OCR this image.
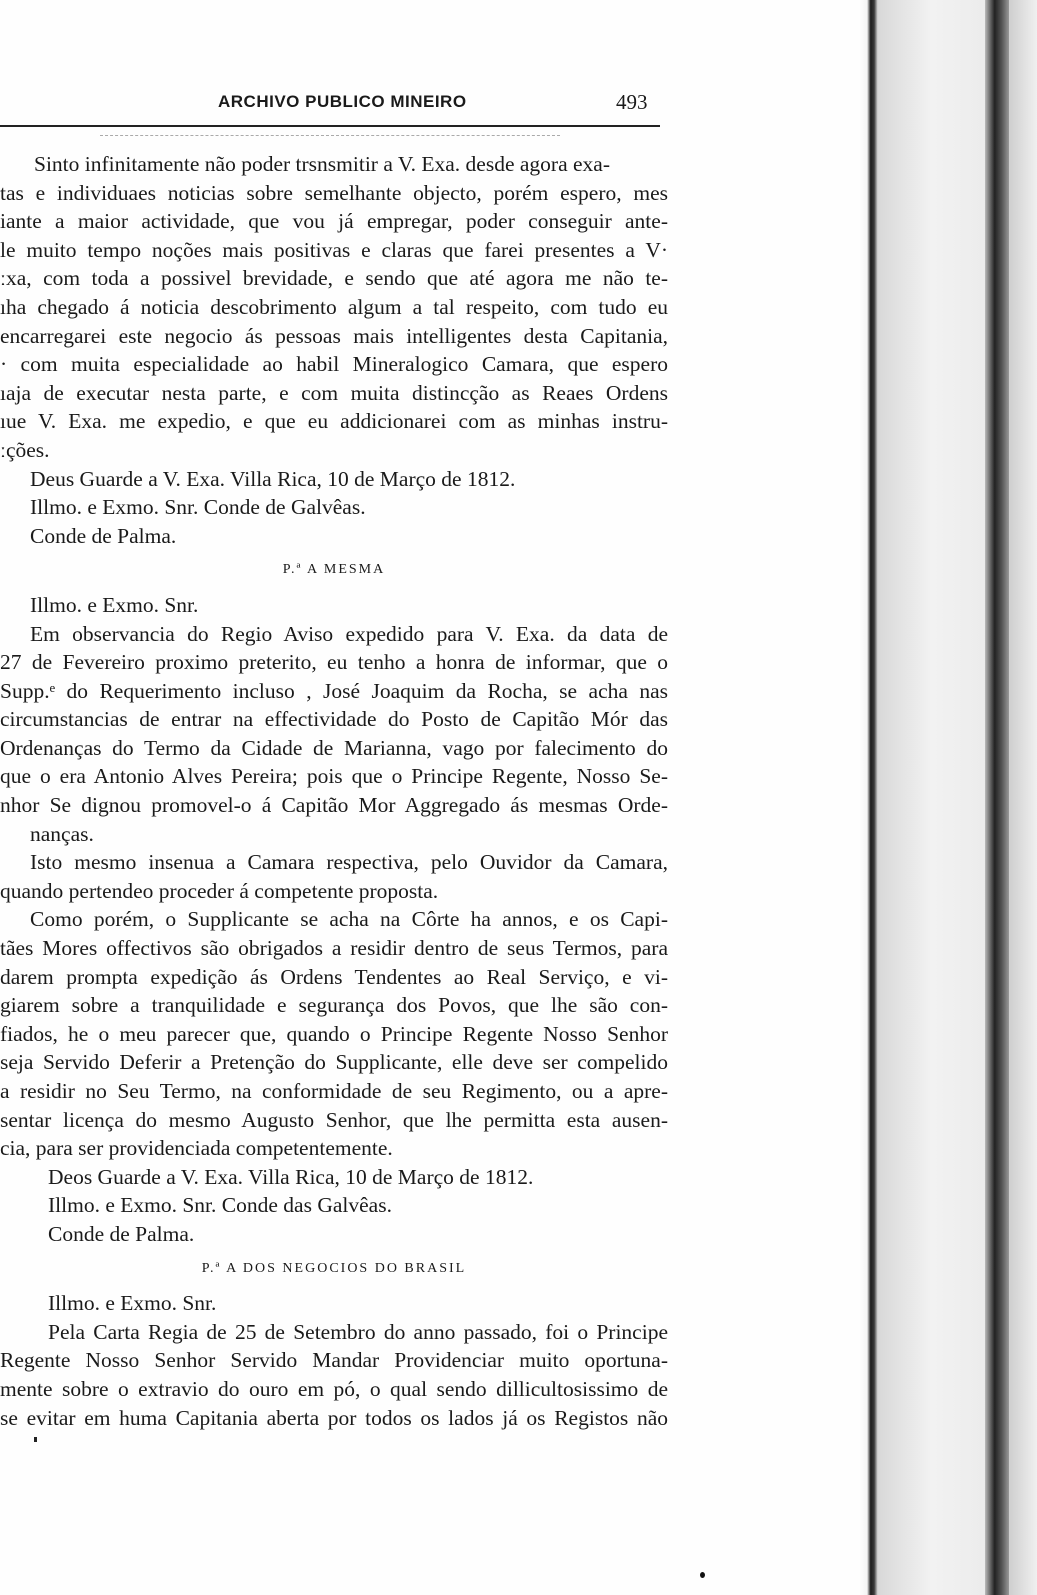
ARCHIVO PUBLICO MINEIRO	493
Sinto infinitamente não poder trsnsmitir a V. Exa. desde agora exa-
tas e individuaes noticias sobre semelhante objecto, porém espero, mes
iante a maior actividade, que vou já empregar, poder conseguir ante-
le muito tempo noções mais positivas e claras que farei presentes a V·
ːxa, com toda a possivel brevidade, e sendo que até agora me não te-
ıha chegado á noticia descobrimento algum a tal respeito, com tudo eu
encarregarei este negocio ás pessoas mais intelligentes desta Capitania,
· com muita especialidade ao habil Mineralogico Camara, que espero
ıaja de executar nesta parte, e com muita distincção as Reaes Ordens
ıue V. Exa. me expedio, e que eu addicionarei com as minhas instru-
ːções.
Deus Guarde a V. Exa. Villa Rica, 10 de Março de 1812.
Illmo. e Exmo. Snr. Conde de Galvêas.
Conde de Palma.
P.ª A MESMA
Illmo. e Exmo. Snr.
Em observancia do Regio Aviso expedido para V. Exa. da data de
27 de Fevereiro proximo preterito, eu tenho a honra de informar, que o
Supp.ᵉ do Requerimento incluso , José Joaquim da Rocha, se acha nas
circumstancias de entrar na effectividade do Posto de Capitão Mór das
Ordenanças do Termo da Cidade de Marianna, vago por falecimento do
que o era Antonio Alves Pereira; pois que o Principe Regente, Nosso Se-
nhor Se dignou promovel-o á Capitão Mor Aggregado ás mesmas Orde-
nanças.
Isto mesmo insenua a Camara respectiva, pelo Ouvidor da Camara,
quando pertendeo proceder á competente proposta.
Como porém, o Supplicante se acha na Côrte ha annos, e os Capi-
tães Mores offectivos são obrigados a residir dentro de seus Termos, para
darem prompta expedição ás Ordens Tendentes ao Real Serviço, e vi-
giarem sobre a tranquilidade e segurança dos Povos, que lhe são con-
fiados, he o meu parecer que, quando o Principe Regente Nosso Senhor
seja Servido Deferir a Pretenção do Supplicante, elle deve ser compelido
a residir no Seu Termo, na conformidade de seu Regimento, ou a apre-
sentar licença do mesmo Augusto Senhor, que lhe permitta esta ausen-
cia, para ser providenciada competentemente.
Deos Guarde a V. Exa. Villa Rica, 10 de Março de 1812.
Illmo. e Exmo. Snr. Conde das Galvêas.
Conde de Palma.
P.ª A DOS NEGOCIOS DO BRASIL
Illmo. e Exmo. Snr.
Pela Carta Regia de 25 de Setembro do anno passado, foi o Principe
Regente Nosso Senhor Servido Mandar Providenciar muito oportuna-
mente sobre o extravio do ouro em pó, o qual sendo dillicultosissimo de
se evitar em huma Capitania aberta por todos os lados já os Registos não
